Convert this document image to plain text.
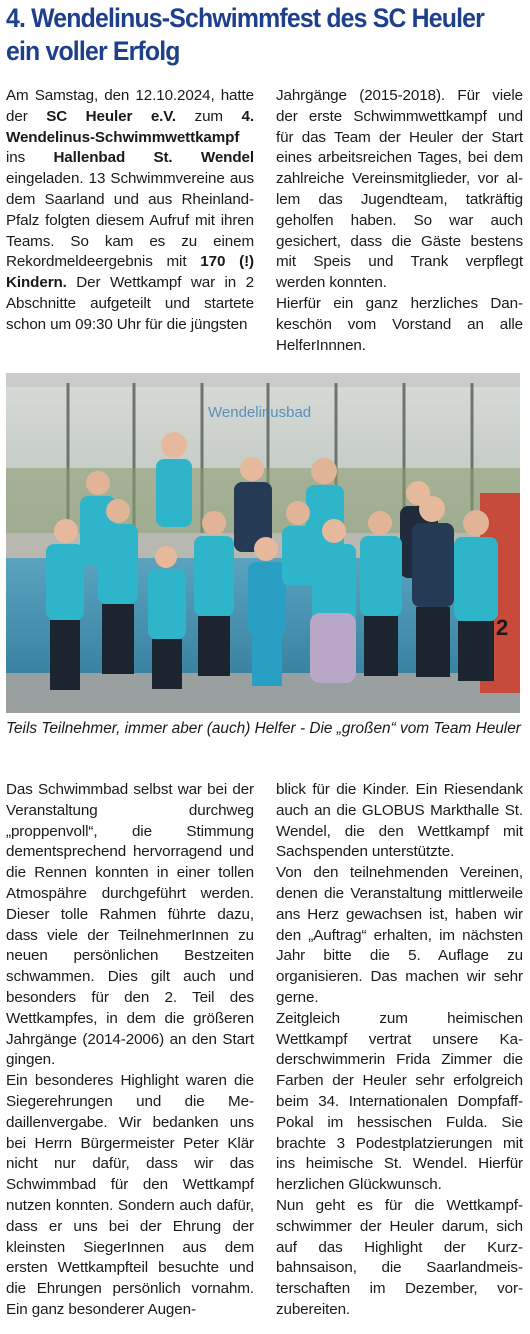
4. Wendelinus-Schwimmfest des SC Heuler
ein voller Erfolg

Am Samstag, den 12.10.2024, hatte der SC Heuler e.V. zum 4. Wendelinus-Schwimmwettkampf ins Hallenbad St. Wendel eingeladen. 13 Schwimmvereine aus dem Saarland und aus Rheinland-Pfalz folgten diesem Aufruf mit ihren Teams. So kam es zu einem Rekordmeldeergebnis mit 170 (!) Kindern. Der Wettkampf war in 2 Abschnitte aufgeteilt und startete schon um 09:30 Uhr für die jüngsten

Jahrgänge (2015-2018). Für viele der erste Schwimmwettkampf und für das Team der Heuler der Start eines arbeitsreichen Tages, bei dem zahlreiche Vereinsmitglieder, vor allem das Jugendteam, tatkräftig geholfen haben. So war auch gesichert, dass die Gäste bestens mit Speis und Trank verpflegt werden konnten.

Hierfür ein ganz herzliches Dankeschön vom Vorstand an alle HelferInnnen.

Wendelinusbad
2
Teils Teilnehmer, immer aber (auch) Helfer - Die „großen“ vom Team Heuler

Das Schwimmbad selbst war bei der Veranstaltung durchweg „proppenvoll“, die Stimmung dementsprechend hervorragend und die Rennen konnten in einer tollen Atmospähre durchgeführt werden. Dieser tolle Rahmen führte dazu, dass viele der TeilnehmerInnen zu neuen persönlichen Bestzeiten schwammen. Dies gilt auch und besonders für den 2. Teil des Wettkampfes, in dem die größeren Jahrgänge (2014-2006) an den Start gingen.

Ein besonderes Highlight waren die Siegerehrungen und die Medaillenvergabe. Wir bedanken uns bei Herrn Bürgermeister Peter Klär nicht nur dafür, dass wir das Schwimmbad für den Wettkampf nutzen konnten. Sondern auch dafür, dass er uns bei der Ehrung der kleinsten SiegerInnen aus dem ersten Wettkampfteil besuchte und die Ehrungen persönlich vornahm. Ein ganz besonderer Augen-

blick für die Kinder. Ein Riesendank auch an die GLOBUS Markthalle St. Wendel, die den Wettkampf mit Sachspenden unterstützte.

Von den teilnehmenden Vereinen, denen die Veranstaltung mittlerweile ans Herz gewachsen ist, haben wir den „Auftrag“ erhalten, im nächsten Jahr bitte die 5. Auflage zu organisieren. Das machen wir sehr gerne.

Zeitgleich zum heimischen Wettkampf vertrat unsere Kaderschwimmerin Frida Zimmer die Farben der Heuler sehr erfolgreich beim 34. Internationalen Dompfaff-Pokal im hessischen Fulda. Sie brachte 3 Podestplatzierungen mit ins heimische St. Wendel. Hierfür herzlichen Glückwunsch.

Nun geht es für die Wettkampfschwimmer der Heuler darum, sich auf das Highlight der Kurzbahnsaison, die Saarlandmeisterschaften im Dezember, vorzubereiten.
